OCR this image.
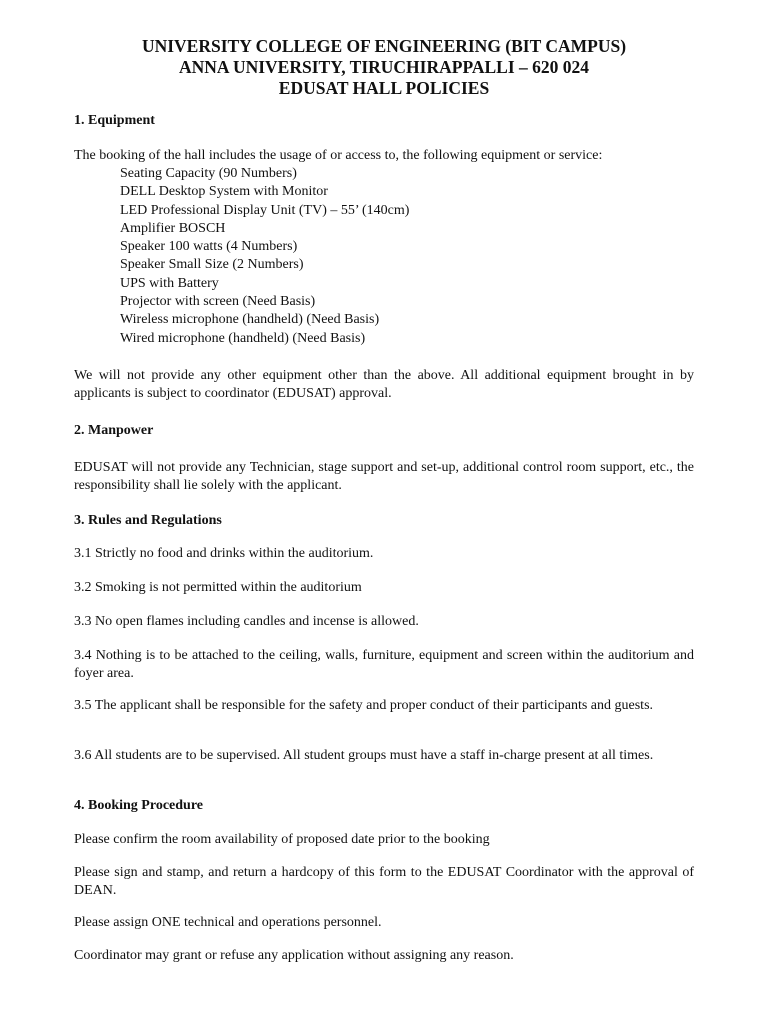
UNIVERSITY COLLEGE OF ENGINEERING (BIT CAMPUS)
ANNA UNIVERSITY, TIRUCHIRAPPALLI – 620 024
EDUSAT HALL POLICIES
1. Equipment
The booking of the hall includes the usage of or access to, the following equipment or service:
Seating Capacity (90 Numbers)
DELL Desktop System with Monitor
LED Professional Display Unit (TV) – 55’ (140cm)
Amplifier BOSCH
Speaker 100 watts (4 Numbers)
Speaker Small Size (2 Numbers)
UPS with Battery
Projector with screen (Need Basis)
Wireless microphone (handheld) (Need Basis)
Wired microphone (handheld) (Need Basis)
We will not provide any other equipment other than the above. All additional equipment brought in by applicants is subject to coordinator (EDUSAT) approval.
2. Manpower
EDUSAT will not provide any Technician, stage support and set-up, additional control room support, etc., the responsibility shall lie solely with the applicant.
3. Rules and Regulations
3.1 Strictly no food and drinks within the auditorium.
3.2 Smoking is not permitted within the auditorium
3.3 No open flames including candles and incense is allowed.
3.4 Nothing is to be attached to the ceiling, walls, furniture, equipment and screen within the auditorium and foyer area.
3.5 The applicant shall be responsible for the safety and proper conduct of their participants and guests.
3.6 All students are to be supervised. All student groups must have a staff in-charge present at all times.
4. Booking Procedure
Please confirm the room availability of proposed date prior to the booking
Please sign and stamp, and return a hardcopy of this form to the EDUSAT Coordinator with the approval of DEAN.
Please assign ONE technical and operations personnel.
Coordinator may grant or refuse any application without assigning any reason.
